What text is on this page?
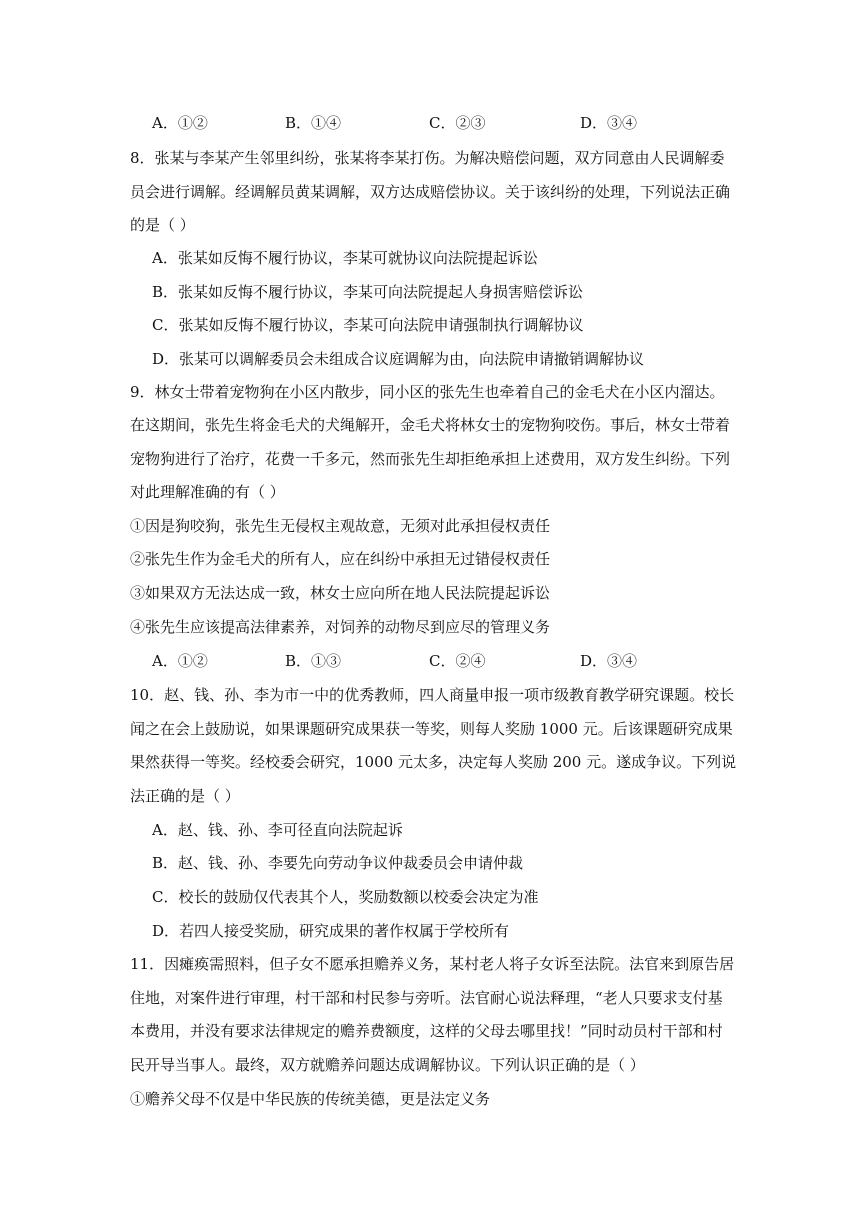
A．①②	B．①④	C．②③	D．③④
8．张某与李某产生邻里纠纷，张某将李某打伤。为解决赔偿问题，双方同意由人民调解委
员会进行调解。经调解员黄某调解，双方达成赔偿协议。关于该纠纷的处理，下列说法正确
的是（ ）
A．张某如反悔不履行协议，李某可就协议向法院提起诉讼
B．张某如反悔不履行协议，李某可向法院提起人身损害赔偿诉讼
C．张某如反悔不履行协议，李某可向法院申请强制执行调解协议
D．张某可以调解委员会未组成合议庭调解为由，向法院申请撤销调解协议
9．林女士带着宠物狗在小区内散步，同小区的张先生也牵着自己的金毛犬在小区内溜达。
在这期间，张先生将金毛犬的犬绳解开，金毛犬将林女士的宠物狗咬伤。事后，林女士带着
宠物狗进行了治疗，花费一千多元，然而张先生却拒绝承担上述费用，双方发生纠纷。下列
对此理解准确的有（ ）
①因是狗咬狗，张先生无侵权主观故意，无须对此承担侵权责任
②张先生作为金毛犬的所有人，应在纠纷中承担无过错侵权责任
③如果双方无法达成一致，林女士应向所在地人民法院提起诉讼
④张先生应该提高法律素养，对饲养的动物尽到应尽的管理义务
A．①②	B．①③	C．②④	D．③④
10．赵、钱、孙、李为市一中的优秀教师，四人商量申报一项市级教育教学研究课题。校长
闻之在会上鼓励说，如果课题研究成果获一等奖，则每人奖励 1000 元。后该课题研究成果
果然获得一等奖。经校委会研究，1000 元太多，决定每人奖励 200 元。遂成争议。下列说
法正确的是（ ）
A．赵、钱、孙、李可径直向法院起诉
B．赵、钱、孙、李要先向劳动争议仲裁委员会申请仲裁
C．校长的鼓励仅代表其个人，奖励数额以校委会决定为准
D．若四人接受奖励，研究成果的著作权属于学校所有
11．因瘫痪需照料，但子女不愿承担赡养义务，某村老人将子女诉至法院。法官来到原告居
住地，对案件进行审理，村干部和村民参与旁听。法官耐心说法释理，“老人只要求支付基
本费用，并没有要求法律规定的赡养费额度，这样的父母去哪里找！”同时动员村干部和村
民开导当事人。最终，双方就赡养问题达成调解协议。下列认识正确的是（ ）
①赡养父母不仅是中华民族的传统美德，更是法定义务
